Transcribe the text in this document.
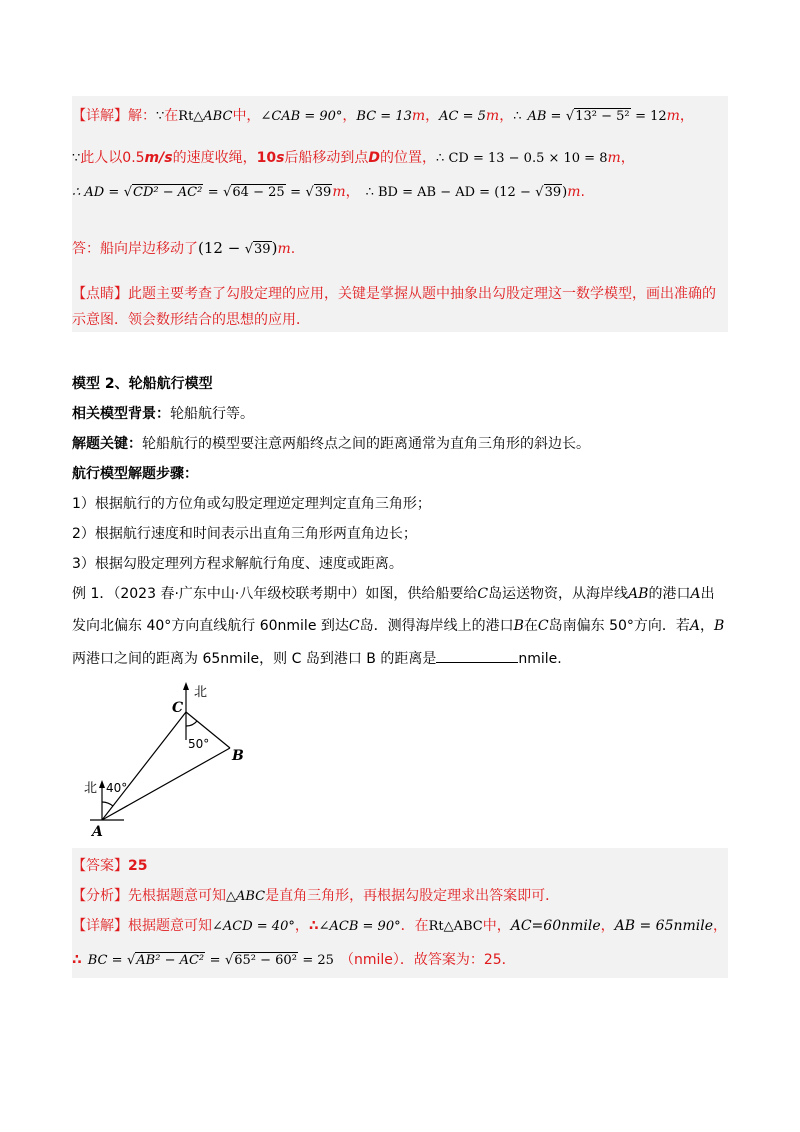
【详解】解：∵在Rt△ABC中，∠CAB = 90°，BC = 13m，AC = 5m，∴ AB = √13² − 5² = 12m，
∵此人以0.5m/s的速度收绳，10s后船移动到点D的位置，∴ CD = 13 − 0.5 × 10 = 8m，
∴ AD = √CD² − AC² = √64 − 25 = √39m， ∴ BD = AB − AD = (12 − √39)m.
答：船向岸边移动了(12 − √39)m.
【点睛】此题主要考查了勾股定理的应用，关键是掌握从题中抽象出勾股定理这一数学模型，画出准确的
示意图．领会数形结合的思想的应用．
模型 2、轮船航行模型
相关模型背景：轮船航行等。
解题关键：轮船航行的模型要注意两船终点之间的距离通常为直角三角形的斜边长。
航行模型解题步骤：
1）根据航行的方位角或勾股定理逆定理判定直角三角形；
2）根据航行速度和时间表示出直角三角形两直角边长；
3）根据勾股定理列方程求解航行角度、速度或距离。
例 1．（2023 春·广东中山·八年级校联考期中）如图，供给船要给C岛运送物资，从海岸线AB的港口A出
发向北偏东 40°方向直线航行 60nmile 到达C岛．测得海岸线上的港口B在C岛南偏东 50°方向．若A，B
两港口之间的距离为 65nmile，则 C 岛到港口 B 的距离是	nmile.
北
北
C
B
A
50°
40°
【答案】25
【分析】先根据题意可知△ABC是直角三角形，再根据勾股定理求出答案即可．
【详解】根据题意可知∠ACD = 40°，∴∠ACB = 90°．在Rt△ABC中，AC=60nmile，AB = 65nmile，
∴ BC = √AB² − AC² = √65² − 60² = 25 （nmile）．故答案为：25．
